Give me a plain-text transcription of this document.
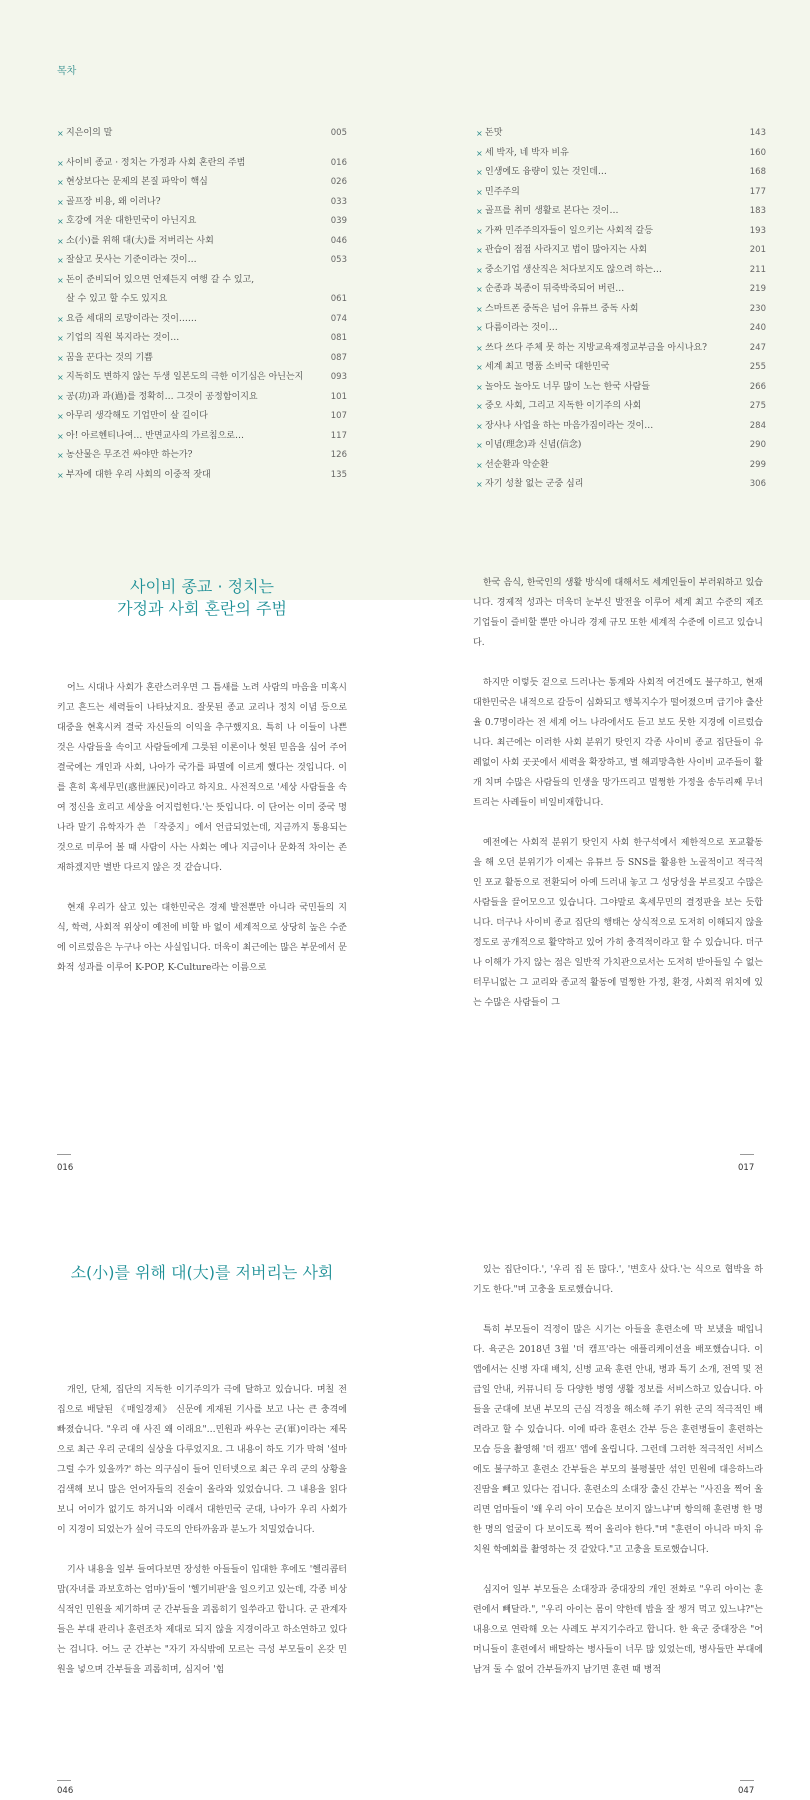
목차
× 지은이의 말	005
× 사이비 종교 · 정치는 가정과 사회 혼란의 주범	016
× 현상보다는 문제의 본질 파악이 핵심	026
× 골프장 비용, 왜 이러나?	033
× 호강에 겨운 대한민국이 아닌지요	039
× 소(小)를 위해 대(大)를 저버리는 사회	046
× 잘살고 못사는 기준이라는 것이…	053
× 돈이 준비되어 있으면 언제든지 여행 갈 수 있고,
살 수 있고 할 수도 있지요	061
× 요즘 세대의 로망이라는 것이……	074
× 기업의 직원 복지라는 것이…	081
× 꿈을 꾼다는 것의 기쁨	087
× 지독히도 변하지 않는 두생 일본도의 극한 이기심은 아닌는지	093
× 공(功)과 과(過)를 정확히… 그것이 공정함이지요	101
× 아무리 생각해도 기업만이 살 길이다	107
× 아! 아르헨티나여… 반면교사의 가르침으로…	117
× 농산물은 무조건 싸야만 하는가?	126
× 부자에 대한 우리 사회의 이중적 잣대	135
× 돈맛	143
× 세 박자, 네 박자 비유	160
× 인생에도 융량이 있는 것인데…	168
× 민주주의	177
× 골프를 취미 생활로 본다는 것이…	183
× 가짜 민주주의자들이 일으키는 사회적 갈등	193
× 관습이 점점 사라지고 법이 많아지는 사회	201
× 중소기업 생산직은 처다보지도 않으려 하는…	211
× 순종과 복종이 뒤죽박죽되어 버린…	219
× 스마트폰 중독은 넘어 유튜브 중독 사회	230
× 다름이라는 것이…	240
× 쓰다 쓰다 주체 못 하는 지방교육재정교부금을 아시나요?	247
× 세계 최고 명품 소비국 대한민국	255
× 놀아도 놀아도 너무 많이 노는 한국 사람들	266
× 중오 사회, 그리고 지독한 이기주의 사회	275
× 장사나 사업을 하는 마음가짐이라는 것이…	284
× 이념(理念)과 신념(信念)	290
× 선순환과 악순환	299
× 자기 성찰 없는 군중 심리	306
사이비 종교 · 정치는
가정과 사회 혼란의 주범

어느 시대나 사회가 혼란스러우면 그 틈새를 노려 사람의 마음을 미혹시키고 흔드는 세력들이 나타났지요. 잘못된 종교 교리나 정치 이념 등으로 대중을 현혹시켜 결국 자신들의 이익을 추구했지요. 특히 나 이들이 나쁜 것은 사람들을 속이고 사람들에게 그릇된 이론이나 헛된 믿음을 심어 주어 결국에는 개인과 사회, 나아가 국가를 파멸에 이르게 했다는 것입니다. 이를 흔히 혹세무민(惑世誣民)이라고 하지요. 사전적으로 '세상 사람들을 속여 정신을 흐리고 세상을 어지럽힌다.'는 뜻입니다. 이 단어는 이미 중국 명나라 말기 유학자가 쓴 「작중지」에서 언급되었는데, 지금까지 통용되는 것으로 미루어 볼 때 사람이 사는 사회는 예나 지금이나 문화적 차이는 존재하겠지만 별반 다르지 않은 것 같습니다.

현재 우리가 살고 있는 대한민국은 경제 발전뿐만 아니라 국민들의 지식, 학력, 사회적 위상이 예전에 비할 바 없이 세계적으로 상당히 높은 수준에 이르렀음은 누구나 아는 사실입니다. 더욱이 최근에는 많은 부문에서 문화적 성과를 이루어 K-POP, K-Culture라는 이름으로

한국 음식, 한국인의 생활 방식에 대해서도 세계인들이 부러워하고 있습니다. 경제적 성과는 더욱더 눈부신 발전을 이루어 세계 최고 수준의 제조기업들이 즐비할 뿐만 아니라 경제 규모 또한 세계적 수준에 이르고 있습니다.

하지만 이렇듯 겉으로 드러나는 통계와 사회적 여건에도 불구하고, 현재 대한민국은 내적으로 갈등이 심화되고 행복지수가 떨어졌으며 급기야 출산율 0.7명이라는 전 세계 어느 나라에서도 듣고 보도 못한 지경에 이르렀습니다. 최근에는 이러한 사회 분위기 탓인지 각종 사이비 종교 집단들이 유례없이 사회 곳곳에서 세력을 확장하고, 별 해괴망측한 사이비 교주들이 활개 치며 수많은 사람들의 인생을 망가뜨리고 멀쩡한 가정을 송두리째 무너트리는 사례들이 비일비재합니다.

예전에는 사회적 분위기 탓인지 사회 한구석에서 제한적으로 포교활동을 해 오던 분위기가 이제는 유튜브 등 SNS를 활용한 노골적이고 적극적인 포교 활동으로 전환되어 아예 드러내 놓고 그 성당성을 부르짖고 수많은 사람들을 끌어모으고 있습니다. 그야말로 혹세무민의 결정판을 보는 듯합니다. 더구나 사이비 종교 집단의 행태는 상식적으로 도저히 이해되지 않을 정도로 공개적으로 활약하고 있어 가히 충격적이라고 할 수 있습니다. 더구나 이해가 가지 않는 점은 일반적 가치관으로서는 도저히 받아들일 수 없는 터무니없는 그 교리와 종교적 활동에 멀쩡한 가정, 환경, 사회적 위치에 있는 수많은 사람들이 그

016	017
소(小)를 위해 대(大)를 저버리는 사회

개인, 단체, 집단의 지독한 이기주의가 극에 달하고 있습니다. 며칠 전 집으로 배달된 《매일경제》 신문에 게재된 기사를 보고 나는 큰 충격에 빠졌습니다. "우리 애 사진 왜 이래요"…민원과 싸우는 군(軍)이라는 제목으로 최근 우리 군대의 실상을 다루었지요. 그 내용이 하도 기가 막혀 '설마 그럴 수가 있을까?' 하는 의구심이 들어 인터넷으로 최근 우리 군의 상황을 검색해 보니 많은 언어자들의 진술이 올라와 있었습니다. 그 내용을 읽다 보니 어이가 없기도 하거니와 이래서 대한민국 군대, 나아가 우리 사회가 이 지경이 되었는가 싶어 극도의 안타까움과 분노가 치밀었습니다.

기사 내용을 일부 들여다보면 장성한 아들들이 입대한 후에도 '헬리콥터 맘(자녀를 과보호하는 엄마)'들이 '헬기비판'을 일으키고 있는데, 각종 비상식적인 민원을 제기하며 군 간부들을 괴롭히기 일쑤라고 합니다. 군 관계자들은 부대 관리나 훈련조차 제대로 되지 않을 지경이라고 하소연하고 있다는 겁니다. 어느 군 간부는 "자기 자식밖에 모르는 극성 부모들이 온갖 민원을 넣으며 간부들을 괴롭히며, 심지어 '힘

있는 집단이다.', '우리 집 돈 많다.', '변호사 샀다.'는 식으로 협박을 하기도 한다."며 고충을 토로했습니다.

특히 부모들이 걱정이 많은 시기는 아들을 훈련소에 막 보냈을 때입니다. 육군은 2018년 3월 '더 캠프'라는 애플리케이션을 배포했습니다. 이 앱에서는 신병 자대 배치, 신병 교육 훈련 안내, 병과 특기 소개, 전역 및 전급일 안내, 커뮤니티 등 다양한 병영 생활 정보를 서비스하고 있습니다. 아들을 군대에 보낸 부모의 근심 걱정을 해소해 주기 위한 군의 적극적인 배려라고 할 수 있습니다. 이에 따라 훈련소 간부 등은 훈련병들이 훈련하는 모습 등을 촬영해 '더 캠프' 앱에 올립니다. 그런데 그러한 적극적인 서비스에도 불구하고 훈련소 간부들은 부모의 불평불만 섞인 민원에 대응하느라 진땀을 빼고 있다는 겁니다. 훈련소의 소대장 출신 간부는 "사진을 찍어 올리면 엄마들이 '왜 우리 아이 모습은 보이지 않느냐'며 항의해 훈련병 한 명 한 명의 얼굴이 다 보이도록 찍어 올리야 한다."며 "훈련이 아니라 마치 유치원 학예회를 촬영하는 것 같았다."고 고충을 토로했습니다.

심지어 일부 부모들은 소대장과 중대장의 개인 전화로 "우리 아이는 훈련에서 빼달라.", "우리 아이는 몸이 약한데 밥을 잘 챙겨 먹고 있느냐?"는 내용으로 연락해 오는 사례도 부지기수라고 합니다. 한 육군 중대장은 "어머니들이 훈련에서 배탈하는 병사들이 너무 많 있었는데, 병사들만 부대에 남겨 둘 수 없어 간부들까지 남기면 훈련 때 병적

046	047
